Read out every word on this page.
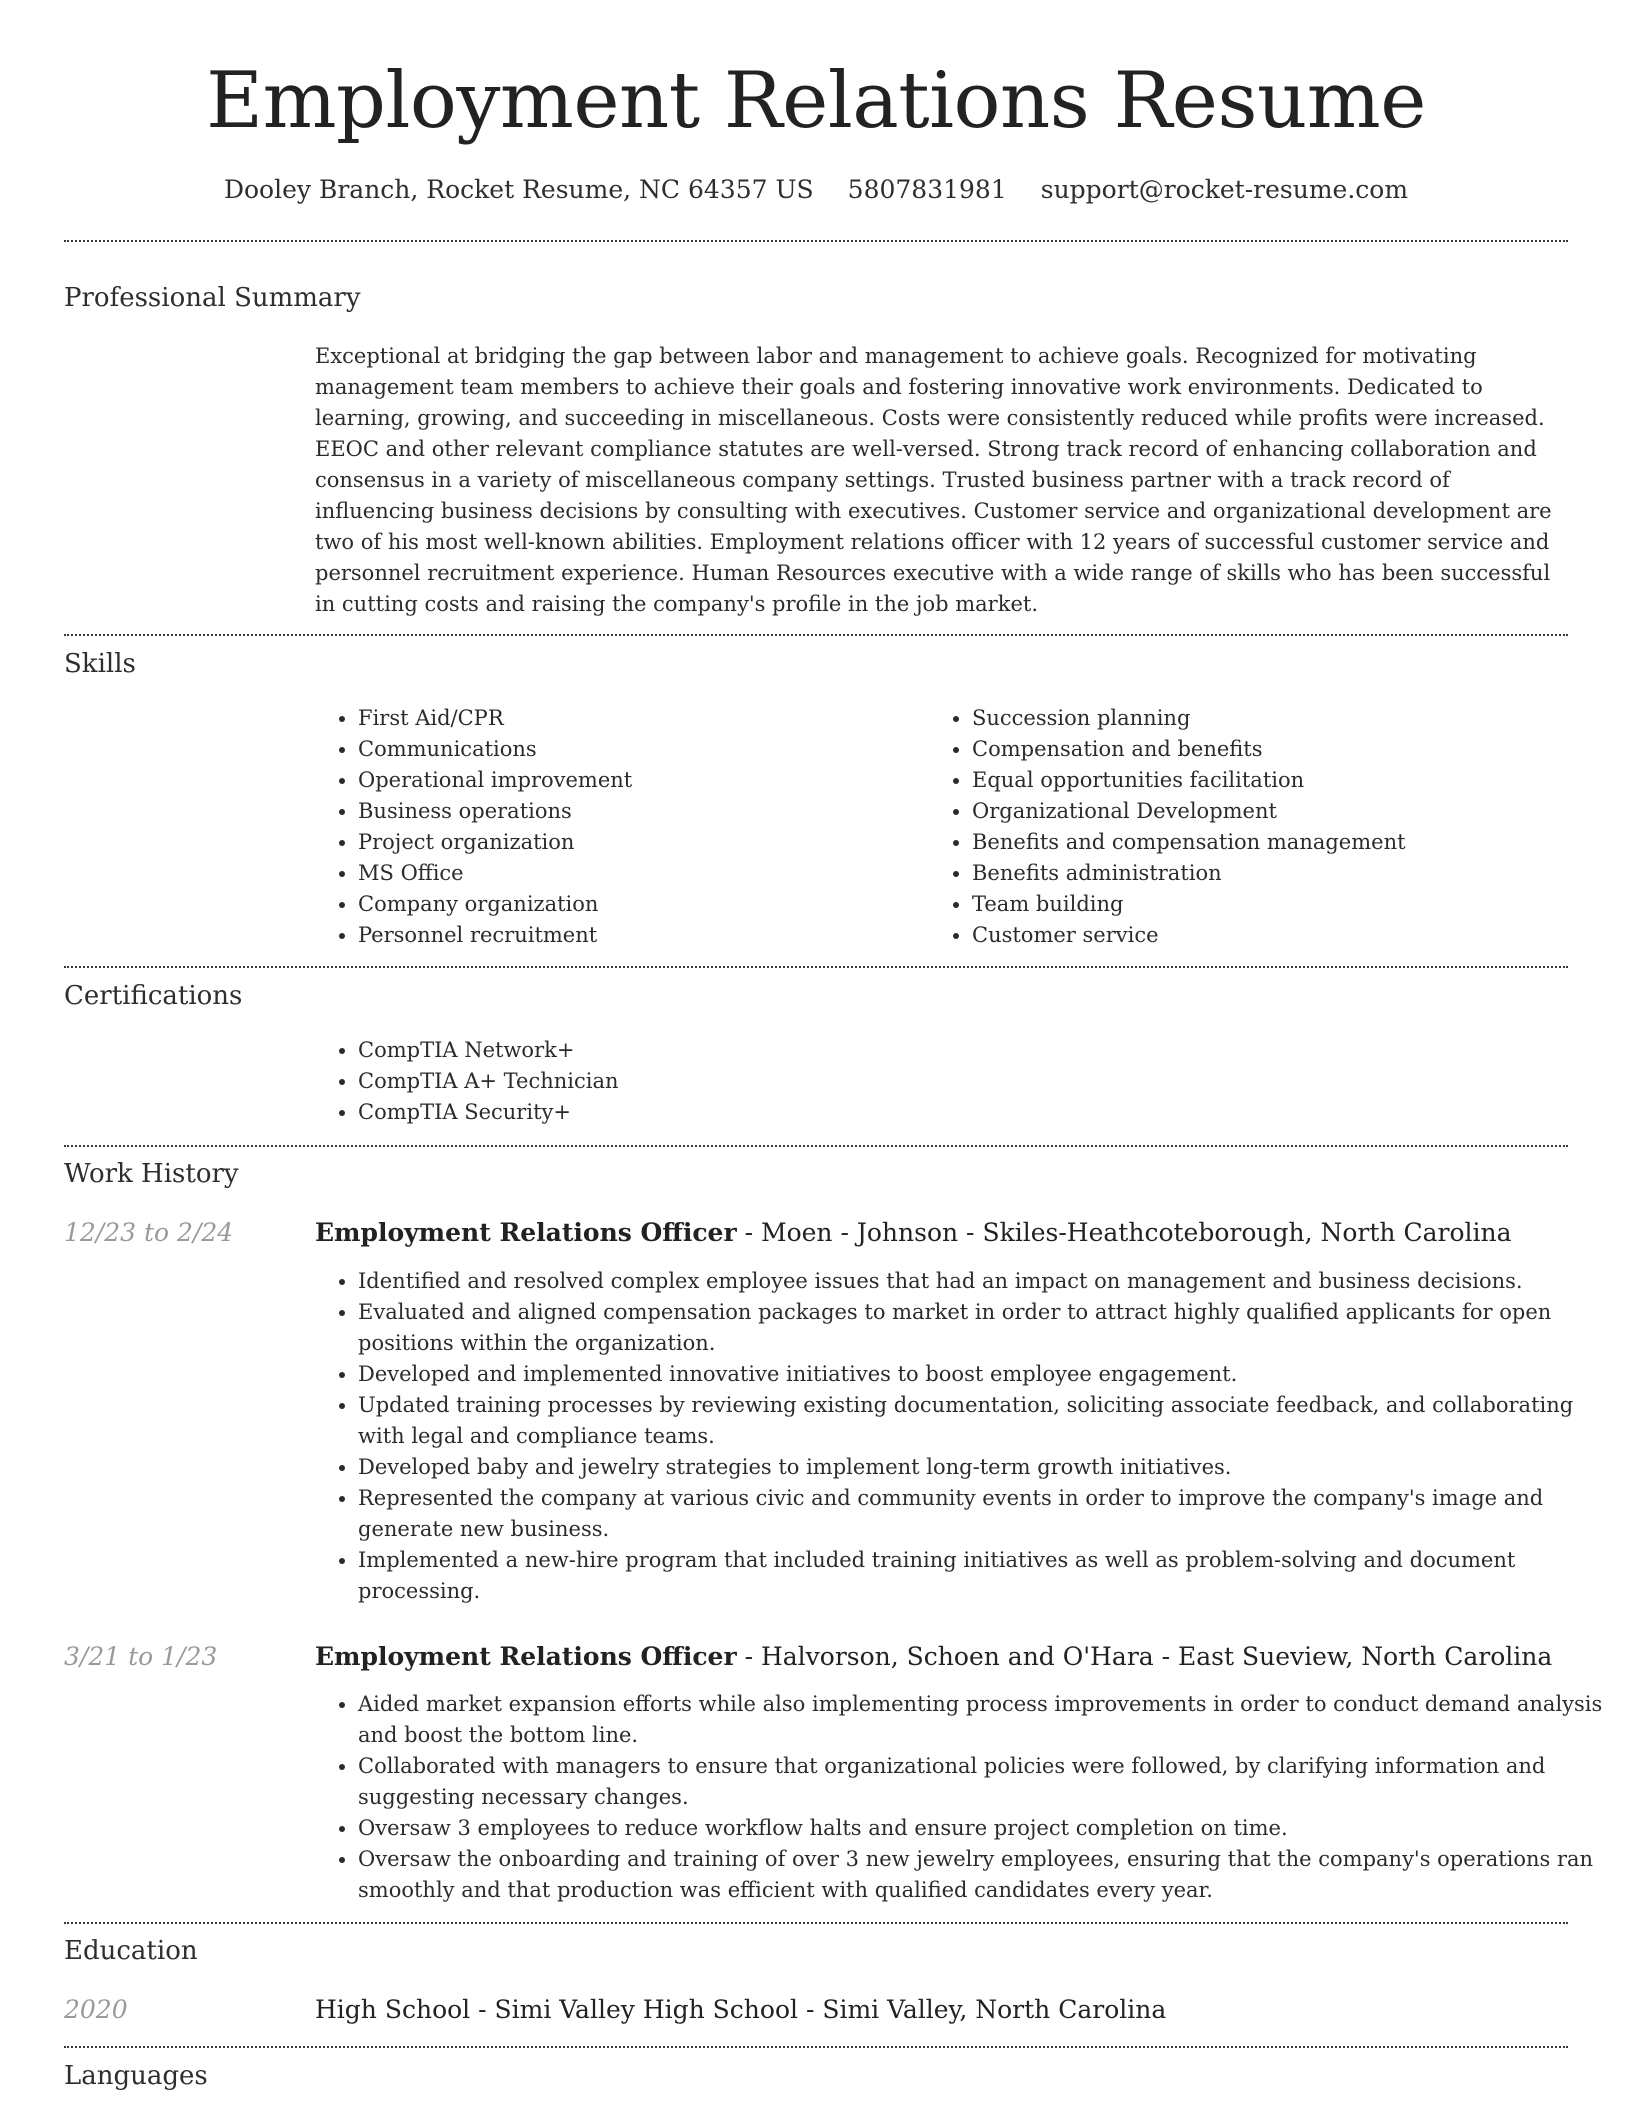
Employment Relations Resume
Dooley Branch, Rocket Resume, NC 64357 US 5807831981 support@rocket-resume.com
Professional Summary

Exceptional at bridging the gap between labor and management to achieve goals. Recognized for motivating management team members to achieve their goals and fostering innovative work environments. Dedicated to learning, growing, and succeeding in miscellaneous. Costs were consistently reduced while profits were increased. EEOC and other relevant compliance statutes are well-versed. Strong track record of enhancing collaboration and consensus in a variety of miscellaneous company settings. Trusted business partner with a track record of influencing business decisions by consulting with executives. Customer service and organizational development are two of his most well-known abilities. Employment relations officer with 12 years of successful customer service and personnel recruitment experience. Human Resources executive with a wide range of skills who has been successful in cutting costs and raising the company's profile in the job market.

Skills
• First Aid/CPR
• Communications
• Operational improvement
• Business operations
• Project organization
• MS Office
• Company organization
• Personnel recruitment
• Succession planning
• Compensation and benefits
• Equal opportunities facilitation
• Organizational Development
• Benefits and compensation management
• Benefits administration
• Team building
• Customer service
Certifications
• CompTIA Network+
• CompTIA A+ Technician
• CompTIA Security+
Work History
12/23 to 2/24	Employment Relations Officer - Moen - Johnson - Skiles-Heathcoteborough, North Carolina

• Identified and resolved complex employee issues that had an impact on management and business decisions.
• Evaluated and aligned compensation packages to market in order to attract highly qualified applicants for open positions within the organization.
• Developed and implemented innovative initiatives to boost employee engagement.
• Updated training processes by reviewing existing documentation, soliciting associate feedback, and collaborating with legal and compliance teams.
• Developed baby and jewelry strategies to implement long-term growth initiatives.
• Represented the company at various civic and community events in order to improve the company's image and generate new business.
• Implemented a new-hire program that included training initiatives as well as problem-solving and document processing.
3/21 to 1/23	Employment Relations Officer - Halvorson, Schoen and O'Hara - East Sueview, North Carolina

• Aided market expansion efforts while also implementing process improvements in order to conduct demand analysis and boost the bottom line.
• Collaborated with managers to ensure that organizational policies were followed, by clarifying information and suggesting necessary changes.
• Oversaw 3 employees to reduce workflow halts and ensure project completion on time.
• Oversaw the onboarding and training of over 3 new jewelry employees, ensuring that the company's operations ran smoothly and that production was efficient with qualified candidates every year.
Education
2020	High School - Simi Valley High School - Simi Valley, North Carolina

Languages
